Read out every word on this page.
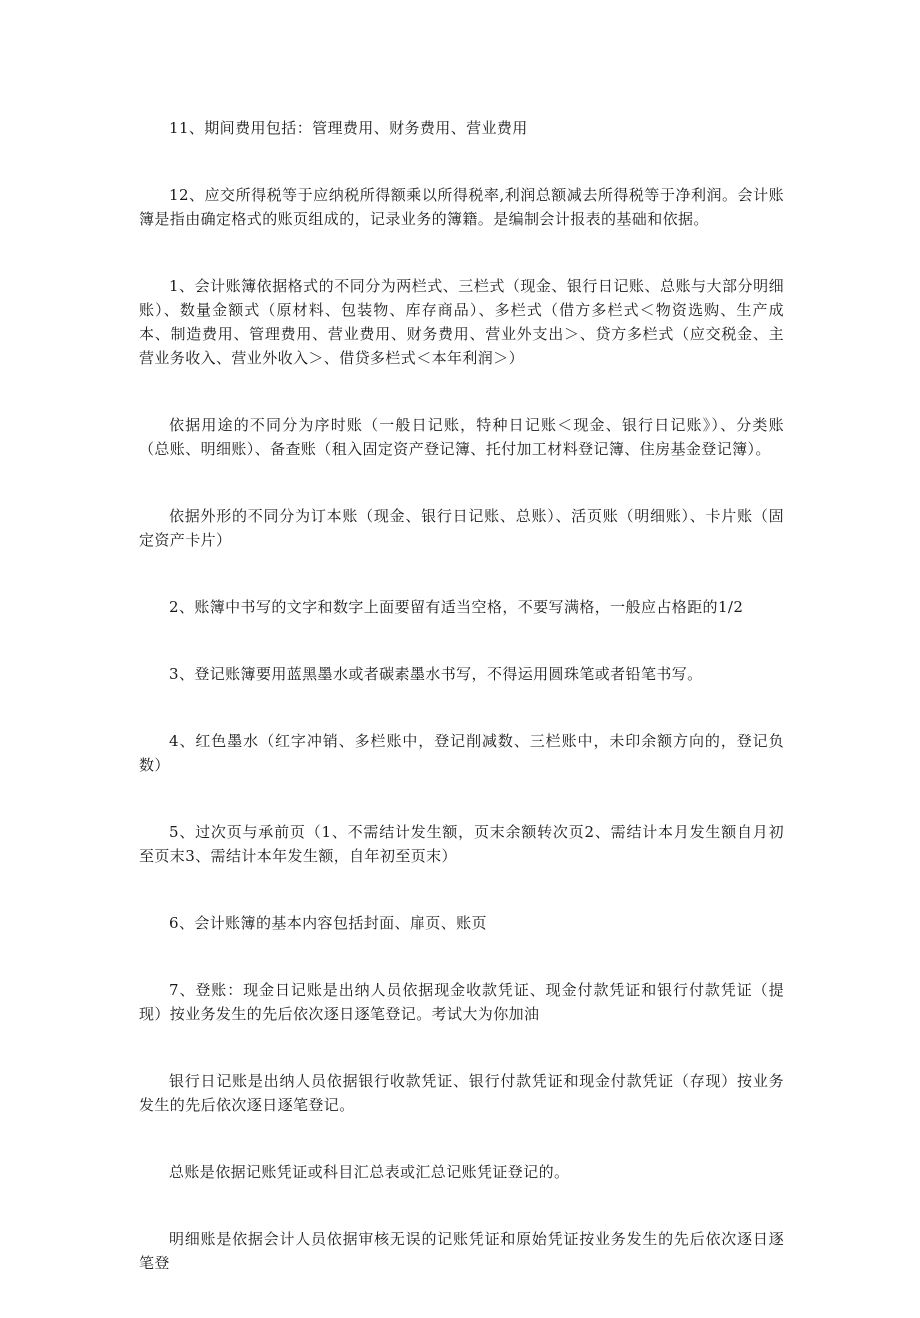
11、期间费用包括：管理费用、财务费用、营业费用

12、应交所得税等于应纳税所得额乘以所得税率,利润总额减去所得税等于净利润。会计账簿是指由确定格式的账页组成的，记录业务的簿籍。是编制会计报表的基础和依据。

1、会计账簿依据格式的不同分为两栏式、三栏式（现金、银行日记账、总账与大部分明细账）、数量金额式（原材料、包装物、库存商品）、多栏式（借方多栏式＜物资选购、生产成本、制造费用、管理费用、营业费用、财务费用、营业外支出＞、贷方多栏式（应交税金、主营业务收入、营业外收入＞、借贷多栏式＜本年利润＞）

依据用途的不同分为序时账（一般日记账，特种日记账＜现金、银行日记账》）、分类账（总账、明细账）、备查账（租入固定资产登记簿、托付加工材料登记簿、住房基金登记簿）。

依据外形的不同分为订本账（现金、银行日记账、总账）、活页账（明细账）、卡片账（固定资产卡片）

2、账簿中书写的文字和数字上面要留有适当空格，不要写满格，一般应占格距的1/2

3、登记账簿要用蓝黑墨水或者碳素墨水书写，不得运用圆珠笔或者铅笔书写。

4、红色墨水（红字冲销、多栏账中，登记削减数、三栏账中，未印余额方向的，登记负数）

5、过次页与承前页（1、不需结计发生额，页末余额转次页2、需结计本月发生额自月初至页末3、需结计本年发生额，自年初至页末）

6、会计账簿的基本内容包括封面、扉页、账页

7、登账：现金日记账是出纳人员依据现金收款凭证、现金付款凭证和银行付款凭证（提现）按业务发生的先后依次逐日逐笔登记。考试大为你加油

银行日记账是出纳人员依据银行收款凭证、银行付款凭证和现金付款凭证（存现）按业务发生的先后依次逐日逐笔登记。

总账是依据记账凭证或科目汇总表或汇总记账凭证登记的。

明细账是依据会计人员依据审核无误的记账凭证和原始凭证按业务发生的先后依次逐日逐笔登
